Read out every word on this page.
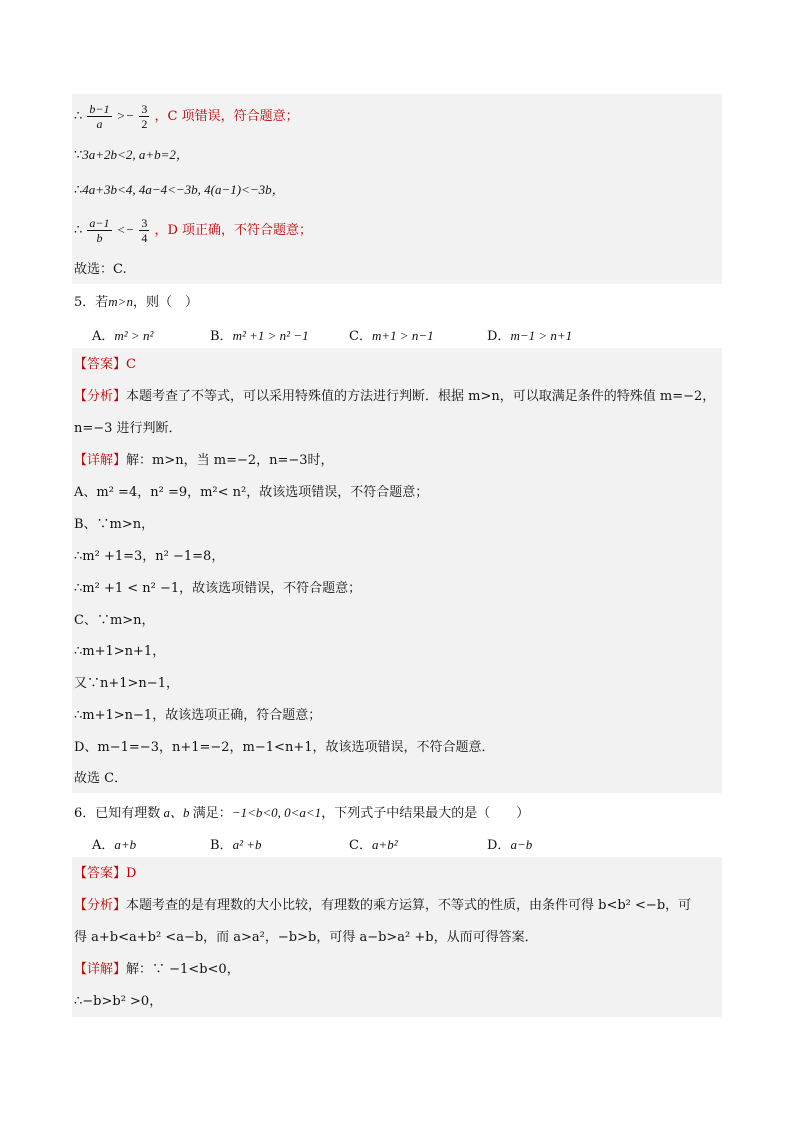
∴ $\frac{b-1}{a} >- \frac{3}{2}$ ，C 项错误，符合题意；
∵3a+2b<2, a+b=2，
∴4a+3b<4, 4a−4<−3b, 4(a−1)<−3b，
∴ $\frac{a-1}{b} <- \frac{3}{4}$ ，D 项正确，不符合题意；
故选：C.
5．若m>n，则（　）
A．m² > n²	B．m² +1 > n² −1	C．m+1 > n−1	D．m−1 > n+1
【答案】C
【分析】本题考查了不等式，可以采用特殊值的方法进行判断．根据 m>n，可以取满足条件的特殊值 m=−2，
n=−3 进行判断．
【详解】解：m>n，当 m=−2，n=−3时，
A、m² =4，n² =9，m²< n²，故该选项错误，不符合题意；
B、∵m>n，
∴m² +1=3，n² −1=8，
∴m² +1 < n² −1，故该选项错误，不符合题意；
C、∵m>n，
∴m+1>n+1，
又∵n+1>n−1，
∴m+1>n−1，故该选项正确，符合题意；
D、m−1=−3，n+1=−2，m−1<n+1，故该选项错误，不符合题意．
故选 C．
6．已知有理数 a、b 满足：−1<b<0, 0<a<1，下列式子中结果最大的是（　　）
A．a+b	B．a² +b	C．a+b²	D．a−b
【答案】D
【分析】本题考查的是有理数的大小比较，有理数的乘方运算，不等式的性质，由条件可得 b<b² <−b，可
得 a+b<a+b² <a−b，而 a>a²，−b>b，可得 a−b>a² +b，从而可得答案．
【详解】解：∵ −1<b<0，
∴−b>b² >0，
